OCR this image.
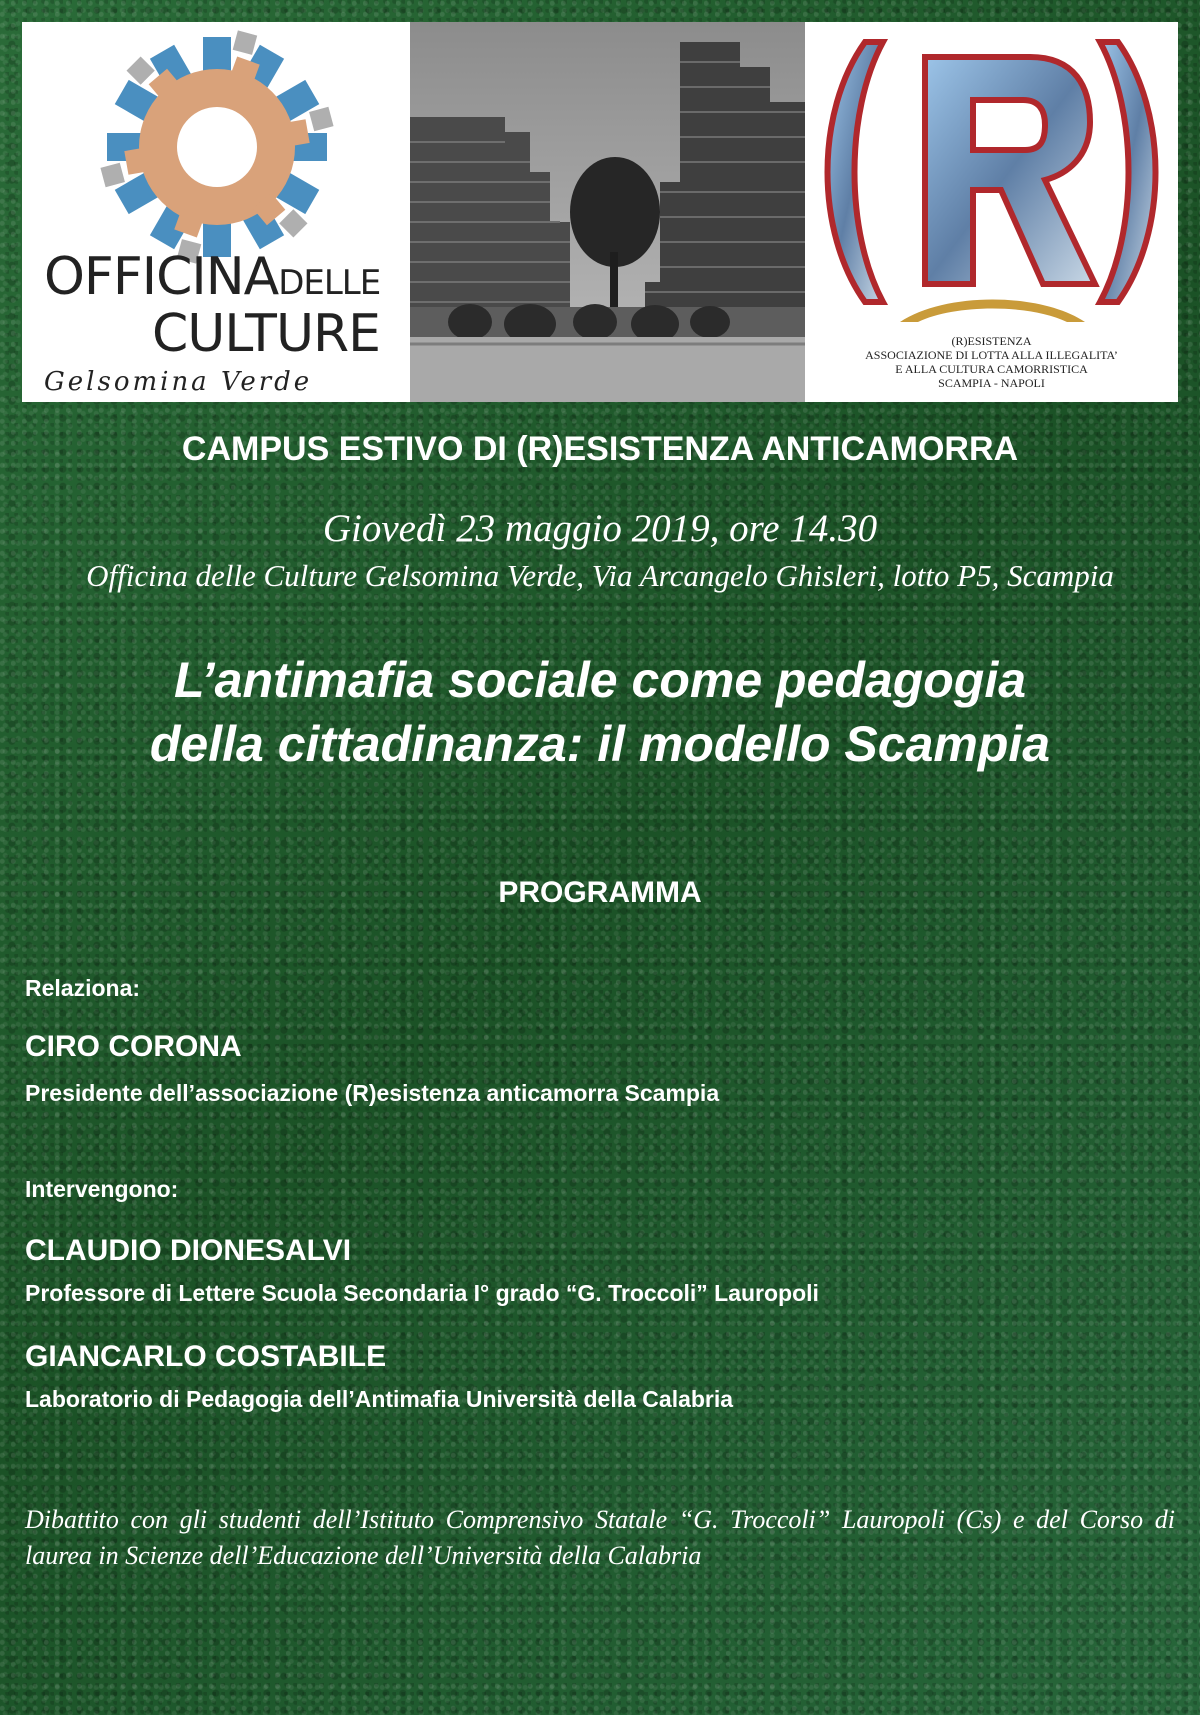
OFFICINADELLE
CULTURE
Gelsomina Verde
(R)ESISTENZA
ASSOCIAZIONE DI LOTTA ALLA ILLEGALITA’
E ALLA CULTURA CAMORRISTICA
SCAMPIA - NAPOLI
CAMPUS ESTIVO DI (R)ESISTENZA ANTICAMORRA
Giovedì 23 maggio 2019, ore 14.30
Officina delle Culture Gelsomina Verde, Via Arcangelo Ghisleri, lotto P5, Scampia
L’antimafia sociale come pedagogia
della cittadinanza: il modello Scampia
PROGRAMMA
Relaziona:
CIRO CORONA
Presidente dell’associazione (R)esistenza anticamorra Scampia
Intervengono:
CLAUDIO DIONESALVI
Professore di Lettere Scuola Secondaria I° grado “G. Troccoli” Lauropoli
GIANCARLO COSTABILE
Laboratorio di Pedagogia dell’Antimafia Università della Calabria
Dibattito con gli studenti dell’Istituto Comprensivo Statale “G. Troccoli” Lauropoli (Cs) e del Corso di laurea in Scienze dell’Educazione dell’Università della Calabria
